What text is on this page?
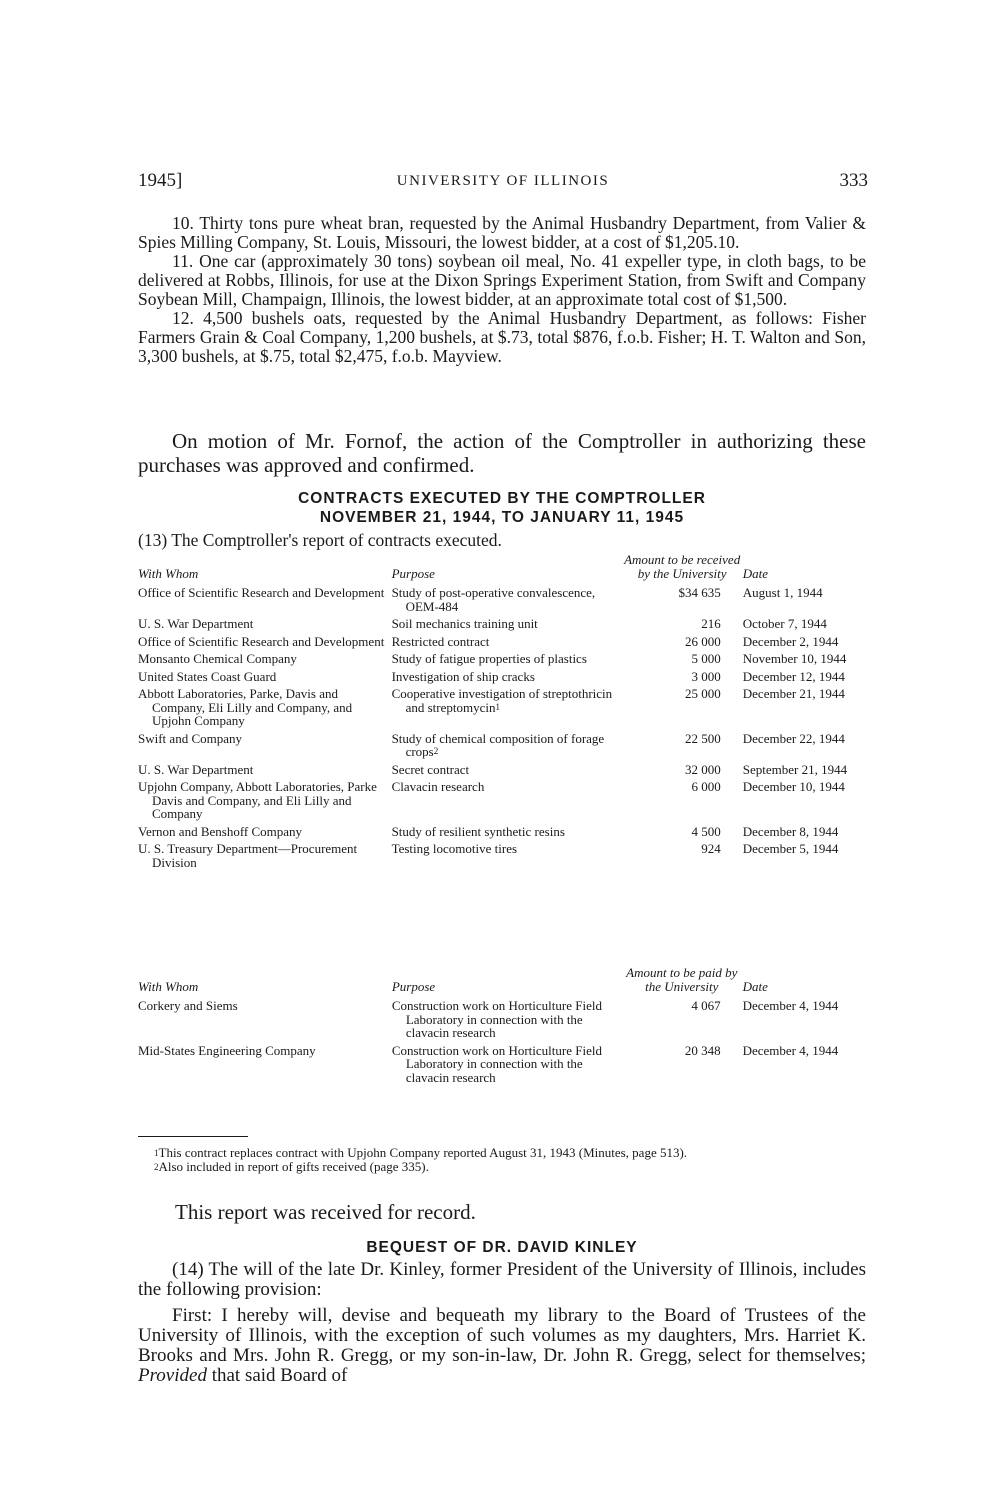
1945]	UNIVERSITY OF ILLINOIS	333

10. Thirty tons pure wheat bran, requested by the Animal Husbandry Department, from Valier & Spies Milling Company, St. Louis, Missouri, the lowest bidder, at a cost of $1,205.10.

11. One car (approximately 30 tons) soybean oil meal, No. 41 expeller type, in cloth bags, to be delivered at Robbs, Illinois, for use at the Dixon Springs Experiment Station, from Swift and Company Soybean Mill, Champaign, Illinois, the lowest bidder, at an approximate total cost of $1,500.

12. 4,500 bushels oats, requested by the Animal Husbandry Department, as follows: Fisher Farmers Grain & Coal Company, 1,200 bushels, at $.73, total $876, f.o.b. Fisher; H. T. Walton and Son, 3,300 bushels, at $.75, total $2,475, f.o.b. Mayview.

On motion of Mr. Fornof, the action of the Comptroller in authorizing these purchases was approved and confirmed.
CONTRACTS EXECUTED BY THE COMPTROLLER
NOVEMBER 21, 1944, TO JANUARY 11, 1945
(13) The Comptroller's report of contracts executed.
With Whom	Purpose	Amount to be received by the University	Date

Office of Scientific Research and Development	Study of post-operative convalescence, OEM-484	$34 635	August 1, 1944

U. S. War Department	Soil mechanics training unit	216	October 7, 1944

Office of Scientific Research and Development	Restricted contract	26 000	December 2, 1944

Monsanto Chemical Company	Study of fatigue properties of plastics	5 000	November 10, 1944

United States Coast Guard	Investigation of ship cracks	3 000	December 12, 1944

Abbott Laboratories, Parke, Davis and Company, Eli Lilly and Company, and Upjohn Company	Cooperative investigation of streptothricin and streptomycin$^1$	25 000	December 21, 1944

Swift and Company	Study of chemical composition of forage crops$^2$	22 500	December 22, 1944

U. S. War Department	Secret contract	32 000	September 21, 1944

Upjohn Company, Abbott Laboratories, Parke Davis and Company, and Eli Lilly and Company	Clavacin research	6 000	December 10, 1944

Vernon and Benshoff Company	Study of resilient synthetic resins	4 500	December 8, 1944

U. S. Treasury Department—Procurement Division	Testing locomotive tires	924	December 5, 1944
With Whom	Purpose	Amount to be paid by the University	Date

Corkery and Siems	Construction work on Horticulture Field Laboratory in connection with the clavacin research	4 067	December 4, 1944

Mid-States Engineering Company	Construction work on Horticulture Field Laboratory in connection with the clavacin research	20 348	December 4, 1944

$^1$This contract replaces contract with Upjohn Company reported August 31, 1943 (Minutes, page 513).

$^2$Also included in report of gifts received (page 335).

This report was received for record.
BEQUEST OF DR. DAVID KINLEY

(14) The will of the late Dr. Kinley, former President of the University of Illinois, includes the following provision:

First: I hereby will, devise and bequeath my library to the Board of Trustees of the University of Illinois, with the exception of such volumes as my daughters, Mrs. Harriet K. Brooks and Mrs. John R. Gregg, or my son-in-law, Dr. John R. Gregg, select for themselves; Provided that said Board of
